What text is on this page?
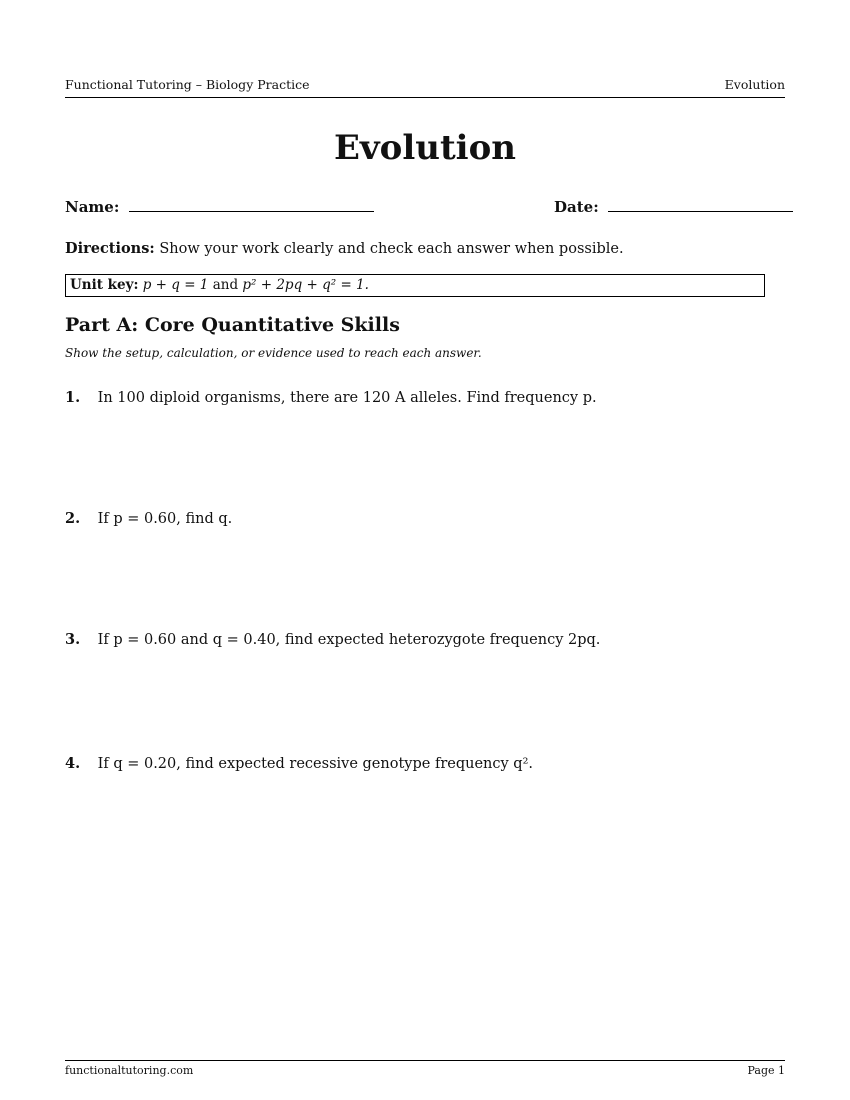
Functional Tutoring – Biology Practice	Evolution
Evolution
Name:	Date:
Directions: Show your work clearly and check each answer when possible.
Unit key: p + q = 1 and p² + 2pq + q² = 1.
Part A: Core Quantitative Skills
Show the setup, calculation, or evidence used to reach each answer.
1. In 100 diploid organisms, there are 120 A alleles. Find frequency p.
2. If p = 0.60, find q.
3. If p = 0.60 and q = 0.40, find expected heterozygote frequency 2pq.
4. If q = 0.20, find expected recessive genotype frequency q².
functionaltutoring.com	Page 1
